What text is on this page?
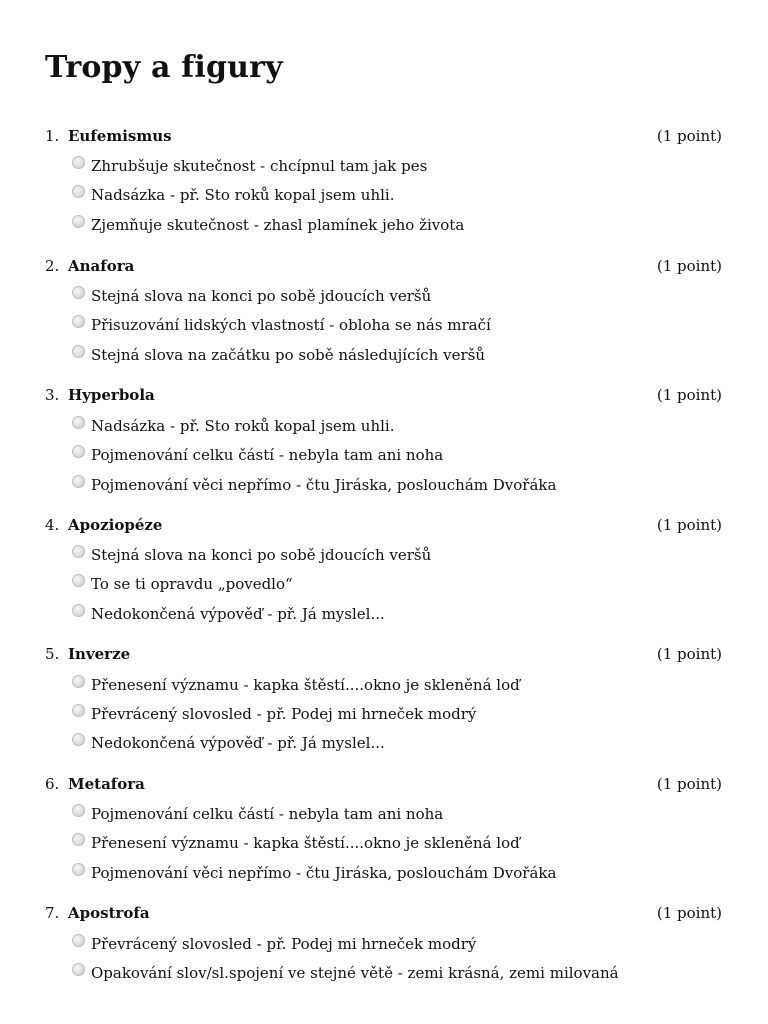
Tropy a figury
1. Eufemismus	(1 point)
Zhrubšuje skutečnost - chcípnul tam jak pes
Nadsázka - př. Sto roků kopal jsem uhli.
Zjemňuje skutečnost - zhasl plamínek jeho života
2. Anafora	(1 point)
Stejná slova na konci po sobě jdoucích veršů
Přisuzování lidských vlastností - obloha se nás mračí
Stejná slova na začátku po sobě následujících veršů
3. Hyperbola	(1 point)
Nadsázka - př. Sto roků kopal jsem uhli.
Pojmenování celku částí - nebyla tam ani noha
Pojmenování věci nepřímo - čtu Jiráska, poslouchám Dvořáka
4. Apoziopéze	(1 point)
Stejná slova na konci po sobě jdoucích veršů
To se ti opravdu „povedlo“
Nedokončená výpověď - př. Já myslel...
5. Inverze	(1 point)
Přenesení významu - kapka štěstí....okno je skleněná loď
Převrácený slovosled - př. Podej mi hrneček modrý
Nedokončená výpověď - př. Já myslel...
6. Metafora	(1 point)
Pojmenování celku částí - nebyla tam ani noha
Přenesení významu - kapka štěstí....okno je skleněná loď
Pojmenování věci nepřímo - čtu Jiráska, poslouchám Dvořáka
7. Apostrofa	(1 point)
Převrácený slovosled - př. Podej mi hrneček modrý
Opakování slov/sl.spojení ve stejné větě - zemi krásná, zemi milovaná
